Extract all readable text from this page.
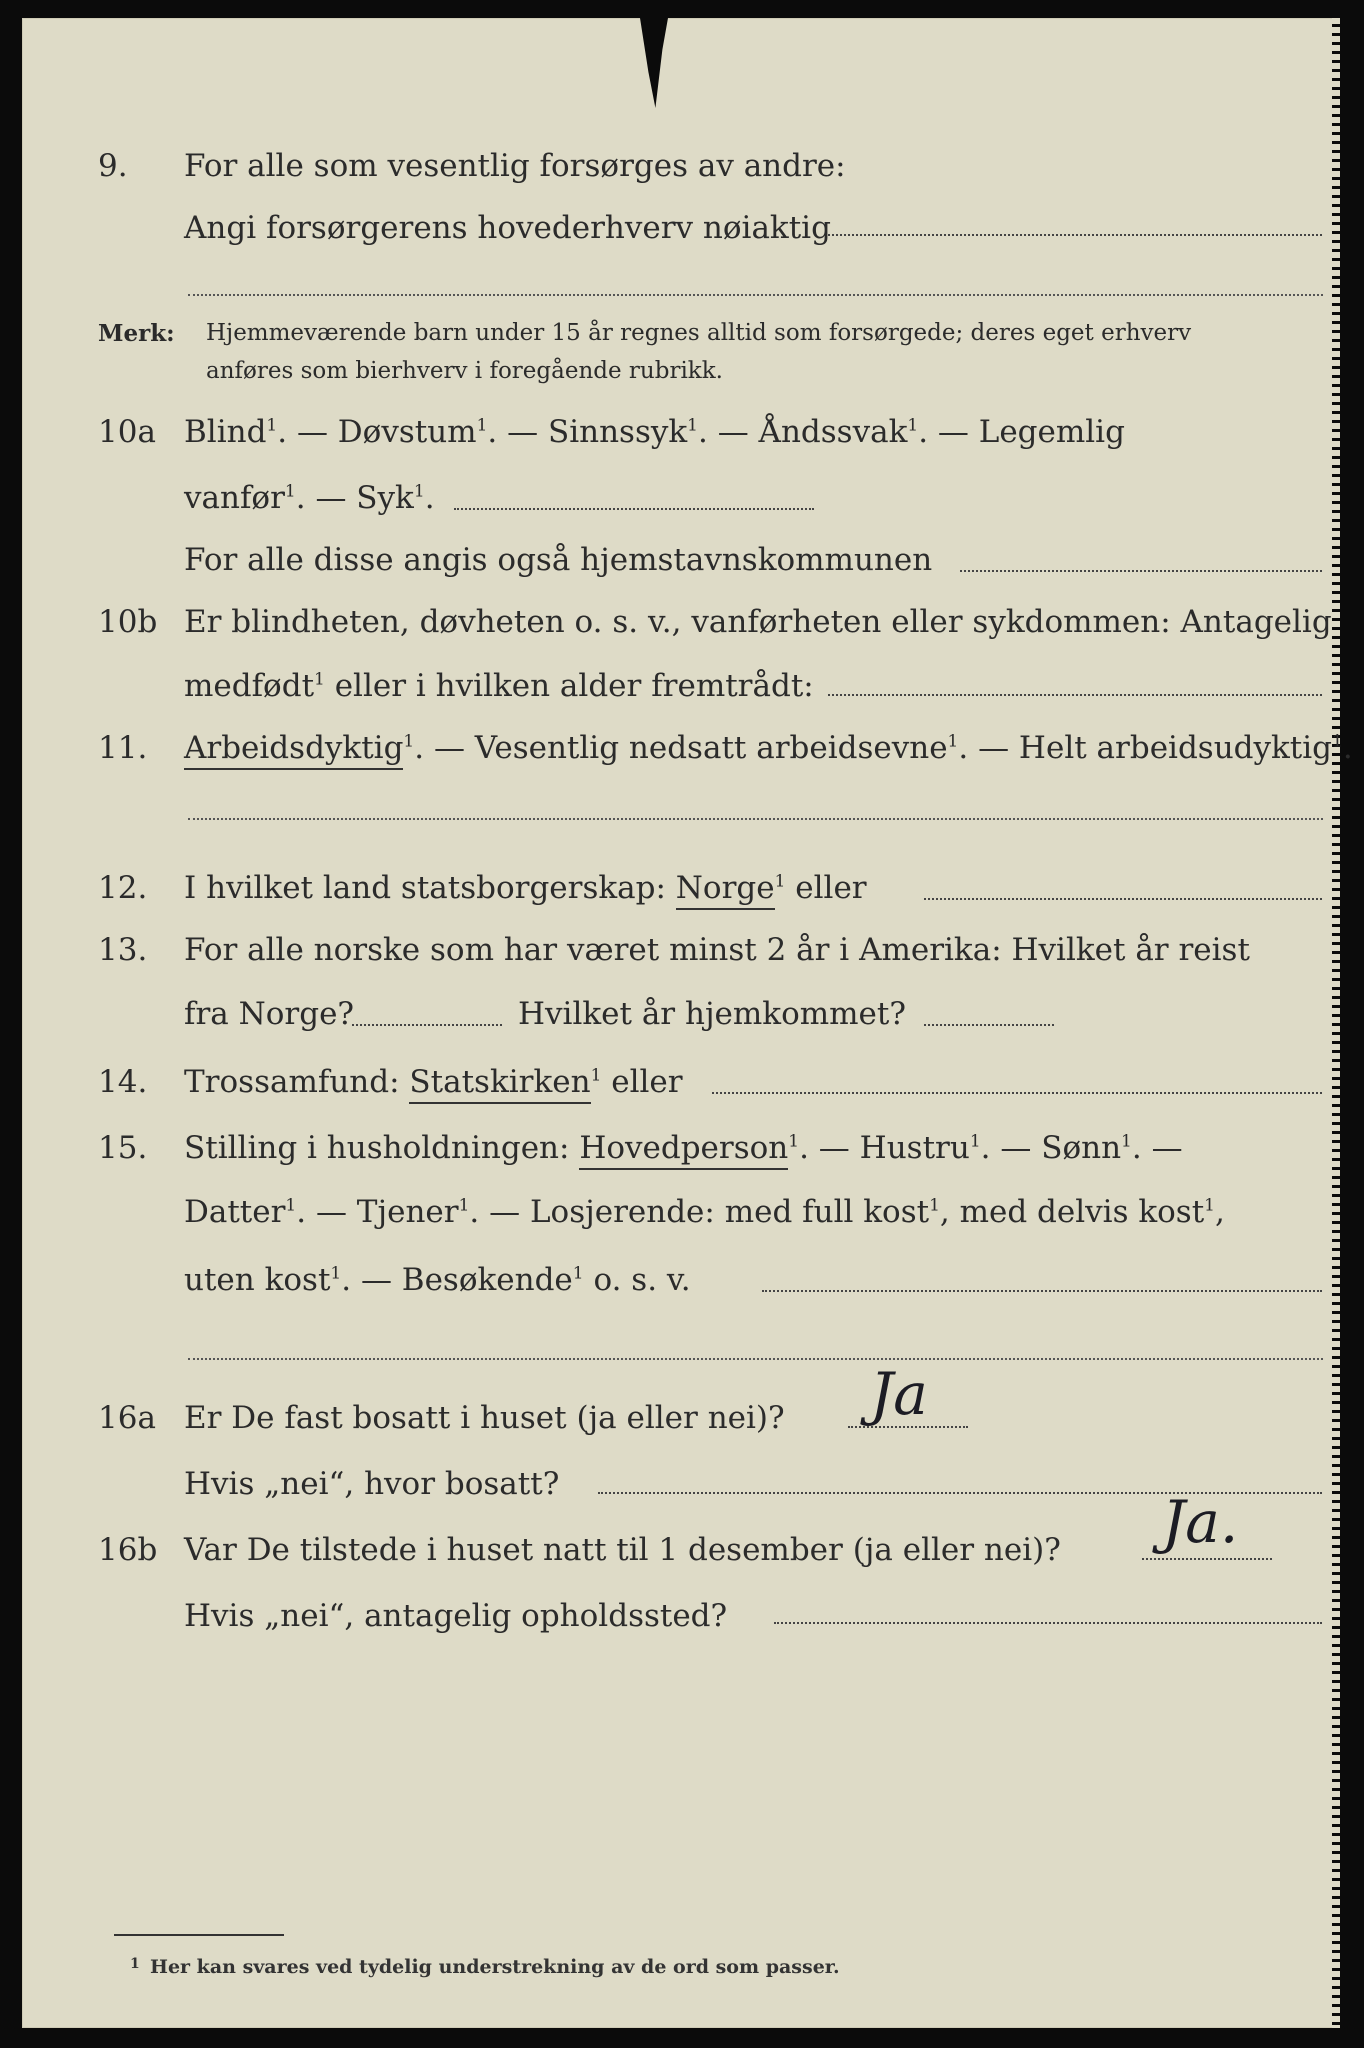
9. For alle som vesentlig forsørges av andre:
Angi forsørgerens hovederhverv nøiaktig
Merk: Hjemmeværende barn under 15 år regnes alltid som forsørgede; deres eget erhverv
anføres som bierhverv i foregående rubrikk.
10a Blind$^1$. — Døvstum$^1$. — Sinnssyk$^1$. — Åndssvak$^1$. — Legemlig
vanfør$^1$. — Syk$^1$.
For alle disse angis også hjemstavnskommunen
10b Er blindheten, døvheten o. s. v., vanførheten eller sykdommen: Antagelig
medfødt$^1$ eller i hvilken alder fremtrådt:
11. Arbeidsdyktig$^1$. — Vesentlig nedsatt arbeidsevne$^1$. — Helt arbeidsudyktig$^1$.
12. I hvilket land statsborgerskap: Norge$^1$ eller
13. For alle norske som har været minst 2 år i Amerika: Hvilket år reist
fra Norge?	Hvilket år hjemkommet?
14. Trossamfund: Statskirken$^1$ eller
15. Stilling i husholdningen: Hovedperson$^1$. — Hustru$^1$. — Sønn$^1$. —
Datter$^1$. — Tjener$^1$. — Losjerende: med full kost$^1$, med delvis kost$^1$,
uten kost$^1$. — Besøkende$^1$ o. s. v.
16a Er De fast bosatt i huset (ja eller nei)? Ja
Hvis „nei“, hvor bosatt?
16b Var De tilstede i huset natt til 1 desember (ja eller nei)? Ja.
Hvis „nei“, antagelig opholdssted?
1 Her kan svares ved tydelig understrekning av de ord som passer.
